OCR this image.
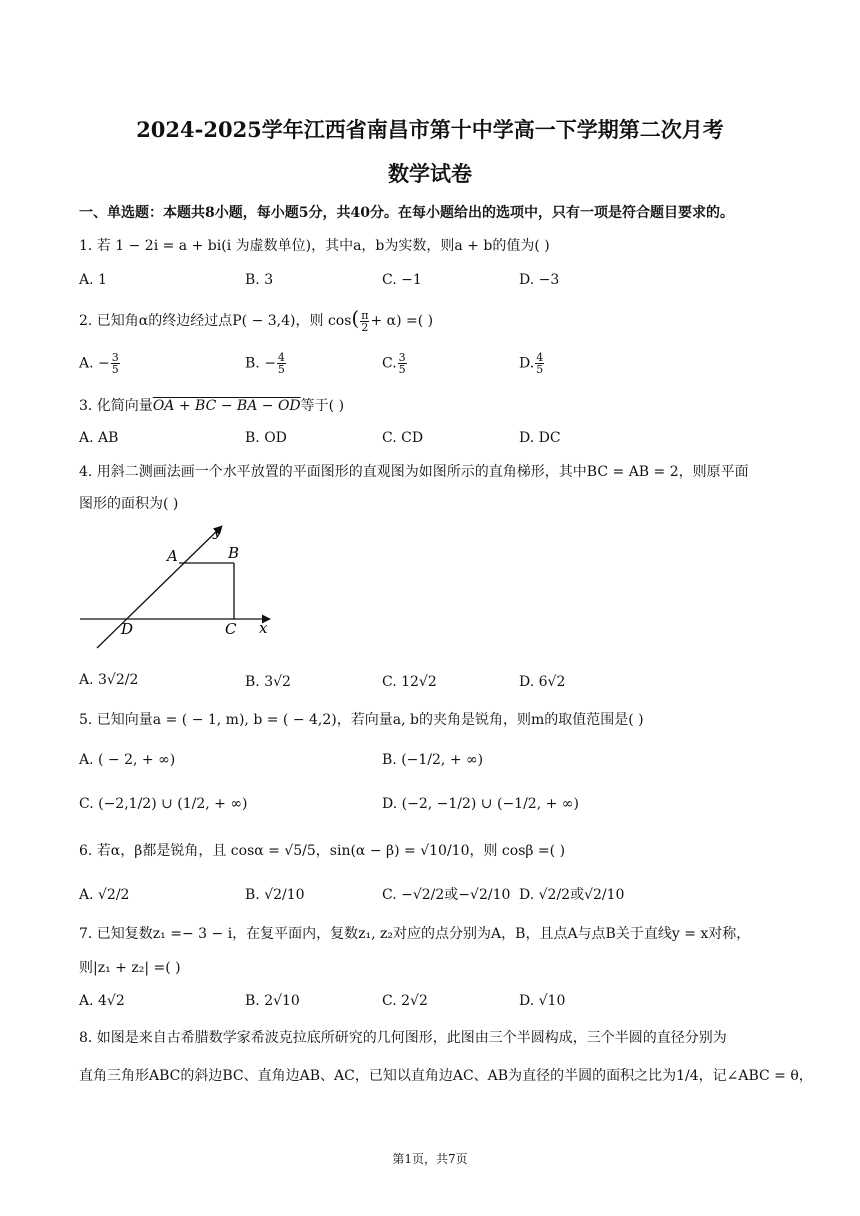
2024-2025学年江西省南昌市第十中学高一下学期第二次月考
数学试卷
一、单选题：本题共8小题，每小题5分，共40分。在每小题给出的选项中，只有一项是符合题目要求的。
1. 若 1 − 2i = a + bi(i 为虚数单位)，其中a，b为实数，则a + b的值为( )
A. 1	B. 3	C. −1	D. −3
2. 已知角α的终边经过点P( − 3,4)，则 $\cos( \frac{\pi}{2} + \alpha)$ =( )
A. − $\frac{3}{5}$	B. − $\frac{4}{5}$	C. $\frac{3}{5}$	D. $\frac{4}{5}$
3. 化简向量OA + BC − BA − OD等于( )
A. AB	B. OD	C. CD	D. DC
4. 用斜二测画法画一个水平放置的平面图形的直观图为如图所示的直角梯形，其中BC = AB = 2，则原平面
图形的面积为( )
y
A	B
D	C x
A. 3√2/2	B. 3√2	C. 12√2	D. 6√2
5. 已知向量a = ( − 1, m), b = ( − 4,2)，若向量a, b的夹角是锐角，则m的取值范围是( )
A. ( − 2, + ∞)	B. (−1/2, + ∞)
C. (−2,1/2) ∪ (1/2, + ∞)	D. (−2, −1/2) ∪ (−1/2, + ∞)
6. 若α，β都是锐角，且 cosα = √5/5，sin(α − β) = √10/10，则 cosβ =( )
A. √2/2	B. √2/10	C. −√2/2或−√2/10 D. √2/2或√2/10
7. 已知复数z₁ =− 3 − i，在复平面内，复数z₁, z₂对应的点分别为A，B，且点A与点B关于直线y = x对称，
则|z₁ + z₂| =( )
A. 4√2	B. 2√10	C. 2√2	D. √10
8. 如图是来自古希腊数学家希波克拉底所研究的几何图形，此图由三个半圆构成，三个半圆的直径分别为
直角三角形ABC的斜边BC、直角边AB、AC，已知以直角边AC、AB为直径的半圆的面积之比为1/4，记∠ABC = θ，
第1页，共7页
